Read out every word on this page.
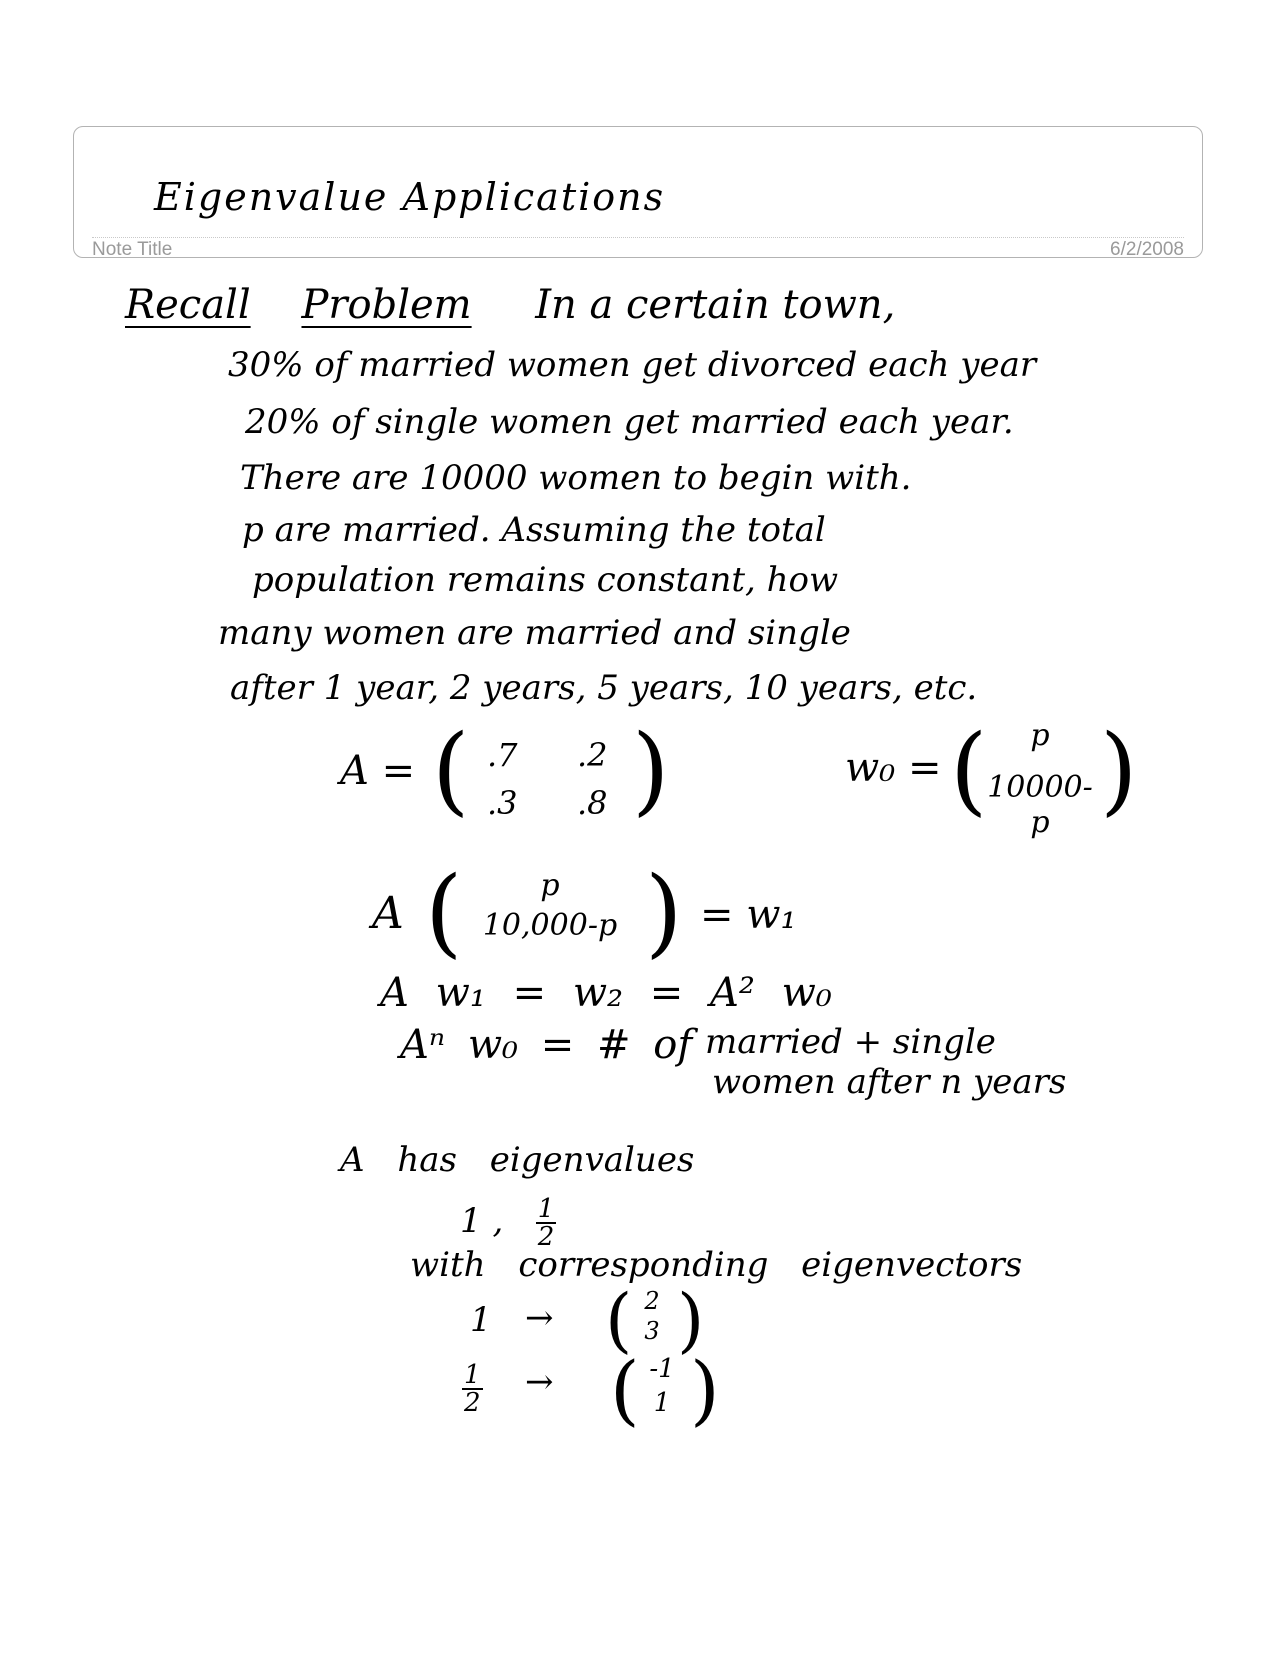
Eigenvalue Applications
Note Title	6/2/2008
Recall Problem In a certain town,
30% of married women get divorced each year
20% of single women get married each year.
There are 10000 women to begin with.
p are married. Assuming the total
population remains constant, how
many women are married and single
after 1 year, 2 years, 5 years, 10 years, etc.
A = ( .7 .2
.3 .8 )	w₀ = (	p
10000-p )
A (	p
10,000-p ) = w₁
A w₁ = w₂ = A² w₀
Aⁿ w₀ = # of married + single
women after n years
A has eigenvalues
1 , $\frac{1}{2}$
with corresponding eigenvectors
1 → ( 2
3 )
$\frac{1}{2}$ → ( -1
1 )
